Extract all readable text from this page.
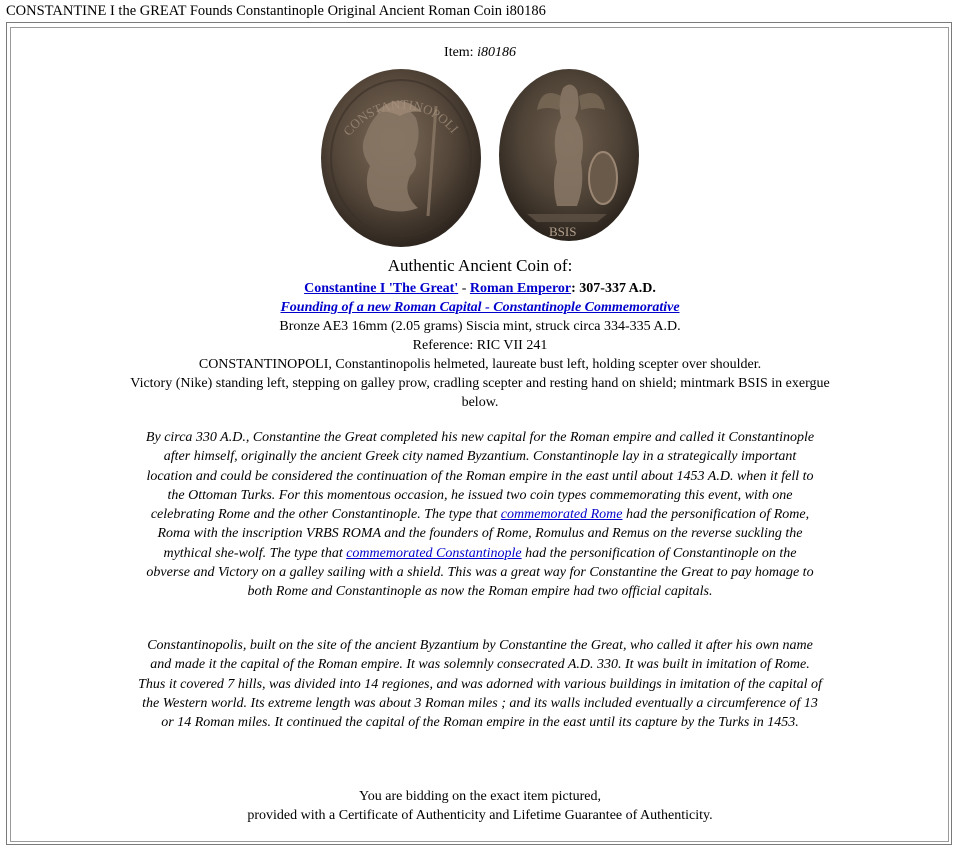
CONSTANTINE I the GREAT Founds Constantinople Original Ancient Roman Coin i80186
Item: i80186
CONSTANTINOPOLI
BSIS
Authentic Ancient Coin of:
Constantine I 'The Great' - Roman Emperor: 307-337 A.D.
Founding of a new Roman Capital - Constantinople Commemorative
Bronze AE3 16mm (2.05 grams) Siscia mint, struck circa 334-335 A.D.
Reference: RIC VII 241
CONSTANTINOPOLI, Constantinopolis helmeted, laureate bust left, holding scepter over shoulder.
Victory (Nike) standing left, stepping on galley prow, cradling scepter and resting hand on shield; mintmark BSIS in exergue below.
By circa 330 A.D., Constantine the Great completed his new capital for the Roman empire and called it Constantinople after himself, originally the ancient Greek city named Byzantium. Constantinople lay in a strategically important location and could be considered the continuation of the Roman empire in the east until about 1453 A.D. when it fell to the Ottoman Turks. For this momentous occasion, he issued two coin types commemorating this event, with one celebrating Rome and the other Constantinople. The type that commemorated Rome had the personification of Rome, Roma with the inscription VRBS ROMA and the founders of Rome, Romulus and Remus on the reverse suckling the mythical she-wolf. The type that commemorated Constantinople had the personification of Constantinople on the obverse and Victory on a galley sailing with a shield. This was a great way for Constantine the Great to pay homage to both Rome and Constantinople as now the Roman empire had two official capitals.
Constantinopolis, built on the site of the ancient Byzantium by Constantine the Great, who called it after his own name and made it the capital of the Roman empire. It was solemnly consecrated A.D. 330. It was built in imitation of Rome. Thus it covered 7 hills, was divided into 14 regiones, and was adorned with various buildings in imitation of the capital of the Western world. Its extreme length was about 3 Roman miles ; and its walls included eventually a circumference of 13 or 14 Roman miles. It continued the capital of the Roman empire in the east until its capture by the Turks in 1453.
You are bidding on the exact item pictured,
provided with a Certificate of Authenticity and Lifetime Guarantee of Authenticity.
